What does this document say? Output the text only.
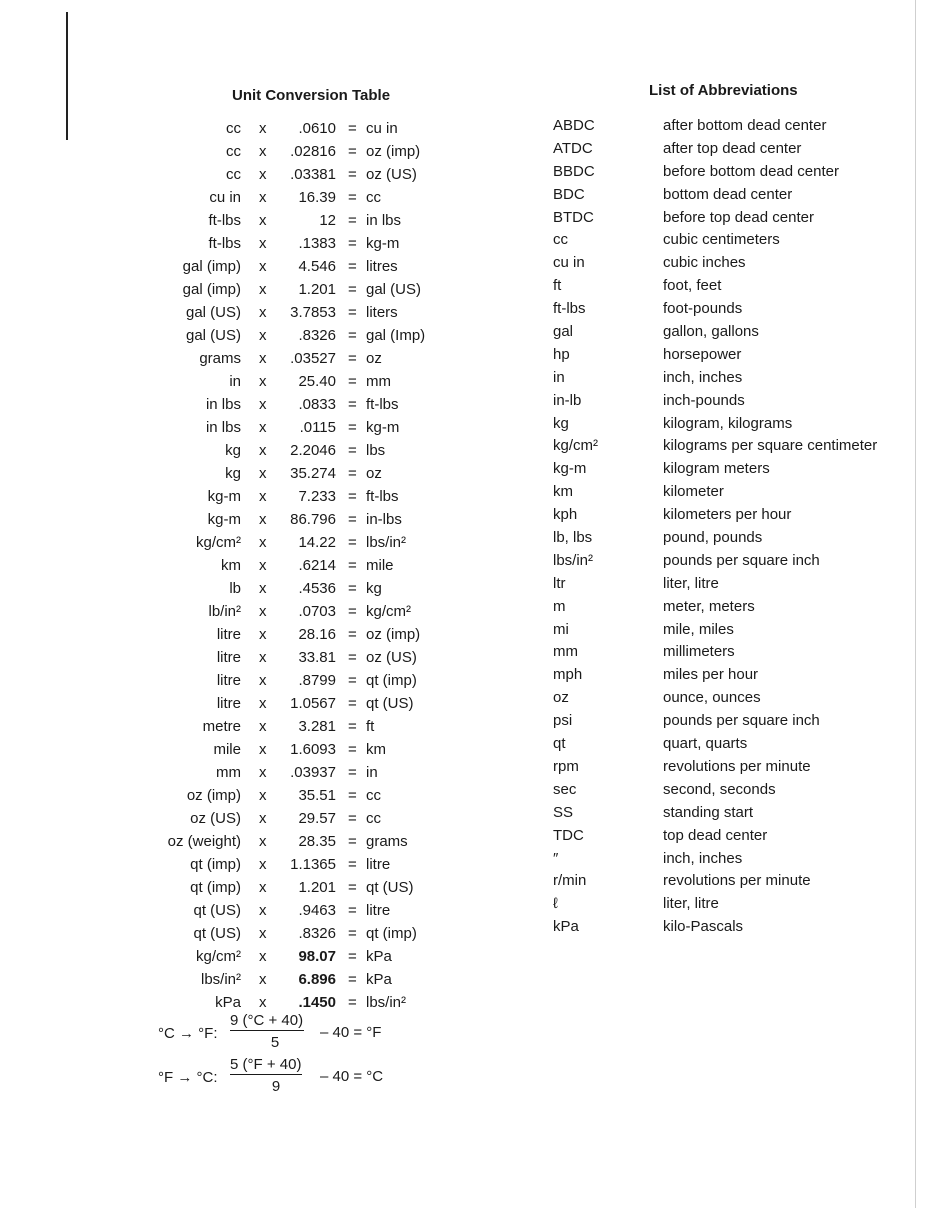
Unit Conversion Table	List of Abbreviations
cc x .0610 = cu in
cc x .02816 = oz (imp)
cc x .03381 = oz (US)
cu in x 16.39 = cc
ft-lbs x	12 = in lbs
ft-lbs x .1383 = kg-m
gal (imp) x 4.546 = litres
gal (imp) x 1.201 = gal (US)
gal (US) x 3.7853 = liters
gal (US) x .8326 = gal (Imp)
grams x .03527 = oz
in x 25.40 = mm
in lbs x .0833 = ft-lbs
in lbs x .0115 = kg-m
kg x 2.2046 = lbs
kg x 35.274 = oz
kg-m x 7.233 = ft-lbs
kg-m x 86.796 = in-lbs
kg/cm² x 14.22 = lbs/in²
km x .6214 = mile
lb x .4536 = kg
lb/in² x .0703 = kg/cm²
litre x 28.16 = oz (imp)
litre x 33.81 = oz (US)
litre x .8799 = qt (imp)
litre x 1.0567 = qt (US)
metre x 3.281 = ft
mile x 1.6093 = km
mm x .03937 = in
oz (imp) x 35.51 = cc
oz (US) x 29.57 = cc
oz (weight) x 28.35 = grams
qt (imp) x 1.1365 = litre
qt (imp) x 1.201 = qt (US)
qt (US) x .9463 = litre
qt (US) x .8326 = qt (imp)
kg/cm² x 98.07 = kPa
lbs/in² x 6.896 = kPa
kPa x .1450 = lbs/in²
ABDC	after bottom dead center
ATDC	after top dead center
BBDC	before bottom dead center
BDC	bottom dead center
BTDC	before top dead center
cc	cubic centimeters
cu in	cubic inches
ft	foot, feet
ft-lbs	foot-pounds
gal	gallon, gallons
hp	horsepower
in	inch, inches
in-lb	inch-pounds
kg	kilogram, kilograms
kg/cm²	kilograms per square centimeter
kg-m	kilogram meters
km	kilometer
kph	kilometers per hour
lb, lbs	pound, pounds
lbs/in²	pounds per square inch
ltr	liter, litre
m	meter, meters
mi	mile, miles
mm	millimeters
mph	miles per hour
oz	ounce, ounces
psi	pounds per square inch
qt	quart, quarts
rpm	revolutions per minute
sec	second, seconds
SS	standing start
TDC	top dead center
″	inch, inches
r/min	revolutions per minute
ℓ	liter, litre
kPa	kilo-Pascals
°C → °F:
9 (°C + 40)
5
– 40 = °F
°F → °C:
5 (°F + 40)
9
– 40 = °C
